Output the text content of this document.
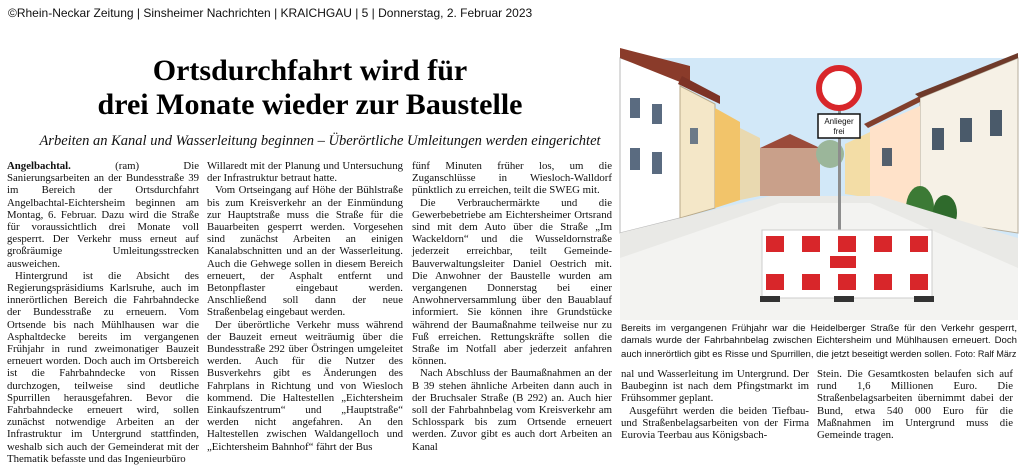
©Rhein-Neckar Zeitung | Sinsheimer Nachrichten | KRAICHGAU | 5 | Donnerstag, 2. Februar 2023
Ortsdurchfahrt wird für
drei Monate wieder zur Baustelle
Arbeiten an Kanal und Wasserleitung beginnen – Überörtliche Umleitungen werden eingerichtet

Angelbachtal. (ram) Die Sanierungsarbeiten an der Bundesstraße 39 im Bereich der Ortsdurchfahrt Angelbachtal-Eichtersheim beginnen am Montag, 6. Februar. Dazu wird die Straße für voraussichtlich drei Monate voll gesperrt. Der Verkehr muss erneut auf großräumige Umleitungsstrecken ausweichen.

Hintergrund ist die Absicht des Regierungspräsidiums Karlsruhe, auch im innerörtlichen Bereich die Fahrbahndecke der Bundesstraße zu erneuern. Vom Ortsende bis nach Mühlhausen war die Asphaltdecke bereits im vergangenen Frühjahr in rund zweimonatiger Bauzeit erneuert worden. Doch auch im Ortsbereich ist die Fahrbahndecke von Rissen durchzogen, teilweise sind deutliche Spurrillen herausgefahren. Bevor die Fahrbahndecke erneuert wird, sollen zunächst notwendige Arbeiten an der Infrastruktur im Untergrund stattfinden, weshalb sich auch der Gemeinderat mit der Thematik befasste und das Ingenieurbüro

Willaredt mit der Planung und Untersuchung der Infrastruktur betraut hatte.

Vom Ortseingang auf Höhe der Bühlstraße bis zum Kreisverkehr an der Einmündung zur Hauptstraße muss die Straße für die Bauarbeiten gesperrt werden. Vorgesehen sind zunächst Arbeiten an einigen Kanalabschnitten und an der Wasserleitung. Auch die Gehwege sollen in diesem Bereich erneuert, der Asphalt entfernt und Betonpflaster eingebaut werden. Anschließend soll dann der neue Straßenbelag eingebaut werden.

Der überörtliche Verkehr muss während der Bauzeit erneut weiträumig über die Bundesstraße 292 über Östringen umgeleitet werden. Auch für die Nutzer des Busverkehrs gibt es Änderungen des Fahrplans in Richtung und von Wiesloch kommend. Die Haltestellen „Eichtersheim Einkaufszentrum“ und „Hauptstraße“ werden nicht angefahren. An den Haltestellen zwischen Waldangelloch und „Eichtersheim Bahnhof“ fährt der Bus

fünf Minuten früher los, um die Zuganschlüsse in Wiesloch-Walldorf pünktlich zu erreichen, teilt die SWEG mit.

Die Verbrauchermärkte und die Gewerbebetriebe am Eichtersheimer Ortsrand sind mit dem Auto über die Straße „Im Wackeldorn“ und die Wusseldornstraße jederzeit erreichbar, teilt Gemeinde-Bauverwaltungsleiter Daniel Oestrich mit. Die Anwohner der Baustelle wurden am vergangenen Donnerstag bei einer Anwohnerversammlung über den Bauablauf informiert. Sie können ihre Grundstücke während der Baumaßnahme teilweise nur zu Fuß erreichen. Rettungskräfte sollen die Straße im Notfall aber jederzeit anfahren können.

Nach Abschluss der Baumaßnahmen an der B 39 stehen ähnliche Arbeiten dann auch in der Bruchsaler Straße (B 292) an. Auch hier soll der Fahrbahnbelag vom Kreisverkehr am Schlosspark bis zum Ortsende erneuert werden. Zuvor gibt es auch dort Arbeiten an Kanal

Anlieger
frei
Bereits im vergangenen Frühjahr war die Heidelberger Straße für den Verkehr gesperrt, damals wurde der Fahrbahnbelag zwischen Eichtersheim und Mühlhausen erneuert. Doch auch innerörtlich gibt es Risse und Spurrillen, die jetzt beseitigt werden sollen. Foto: Ralf März

nal und Wasserleitung im Untergrund. Der Baubeginn ist nach dem Pfingstmarkt im Frühsommer geplant.

Ausgeführt werden die beiden Tiefbau- und Straßenbelagsarbeiten von der Firma Eurovia Teerbau aus Königsbach-

Stein. Die Gesamtkosten belaufen sich auf rund 1,6 Millionen Euro. Die Straßenbelagsarbeiten übernimmt dabei der Bund, etwa 540 000 Euro für die Maßnahmen im Untergrund muss die Gemeinde tragen.
